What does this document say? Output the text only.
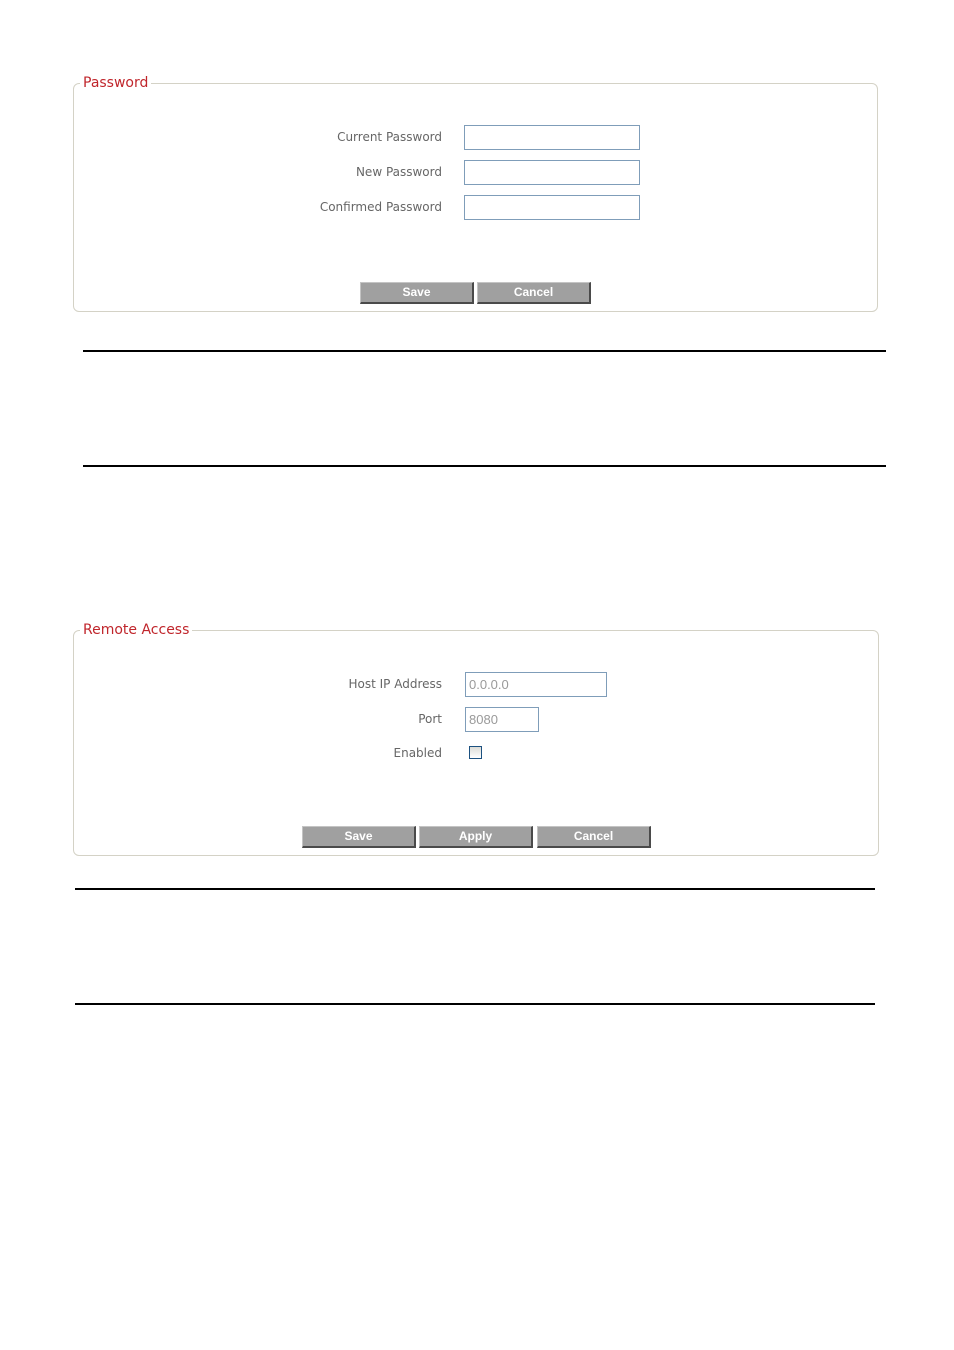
Password
Current Password
New Password
Confirmed Password
Save	Cancel
Remote Access
Host IP Address	0.0.0.0
Port	8080
Enabled
Save	Apply	Cancel
